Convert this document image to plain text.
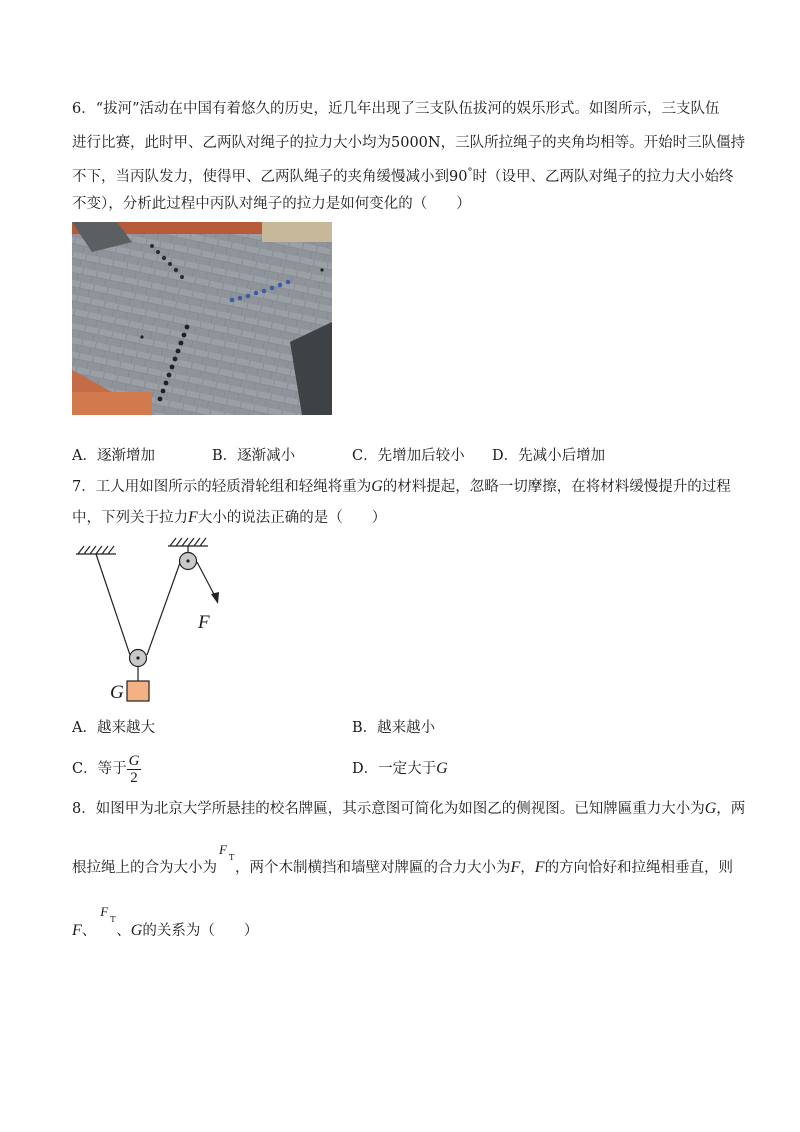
6．“拔河”活动在中国有着悠久的历史，近几年出现了三支队伍拔河的娱乐形式。如图所示，三支队伍
进行比赛，此时甲、乙两队对绳子的拉力大小均为5000N，三队所拉绳子的夹角均相等。开始时三队僵持
不下，当丙队发力，使得甲、乙两队绳子的夹角缓慢减小到90°时（设甲、乙两队对绳子的拉力大小始终
不变），分析此过程中丙队对绳子的拉力是如何变化的（　　）
A．逐渐增加	B．逐渐减小	C．先增加后较小 D．先减小后增加
7．工人用如图所示的轻质滑轮组和轻绳将重为G的材料提起，忽略一切摩擦，在将材料缓慢提升的过程
中，下列关于拉力F大小的说法正确的是（　　）
F
G
A．越来越大	B．越来越小
C．等于 $\frac{G}{2}$	D．一定大于G
8．如图甲为北京大学所悬挂的校名牌匾，其示意图可简化为如图乙的侧视图。已知牌匾重力大小为G，两
根拉绳上的合为大小为
F
T
，两个木制横挡和墙壁对牌匾的合力大小为F，F的方向恰好和拉绳相垂直，则
F、
F
T
、G的关系为（　　）
